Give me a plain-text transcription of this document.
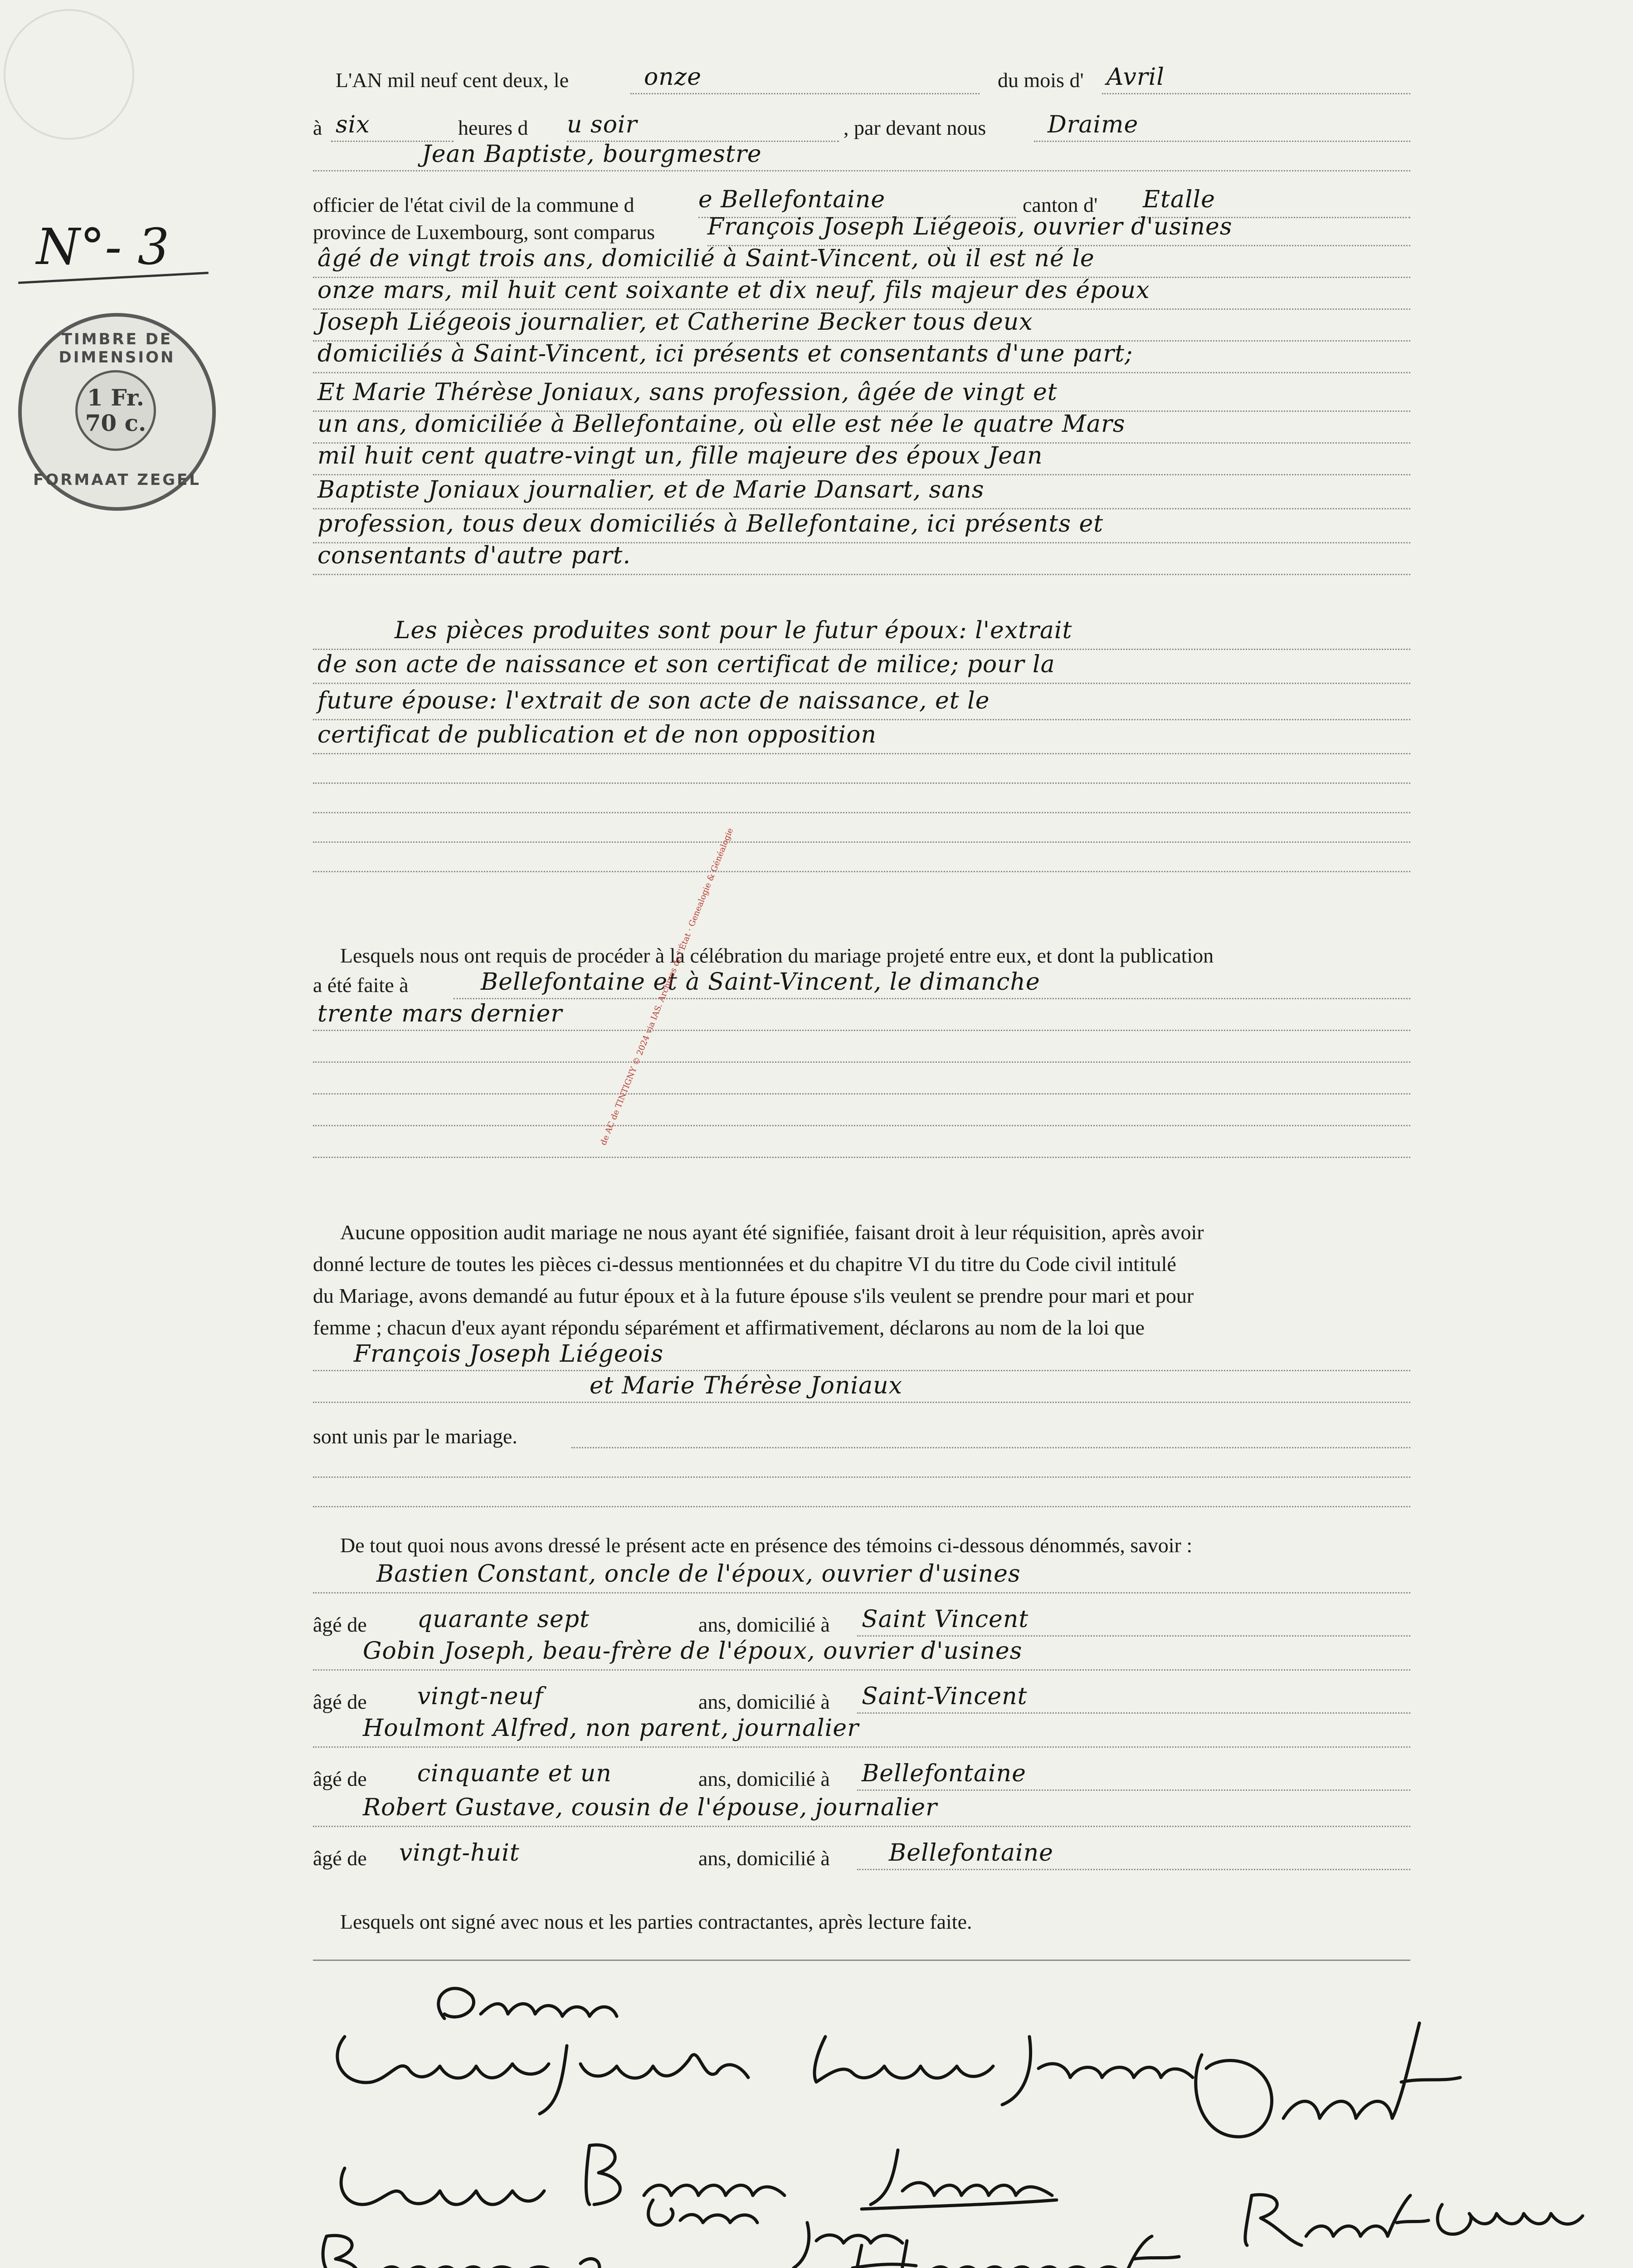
L'AN mil neuf cent deux, le	onze	du mois d' Avril
à six	heures d u soir	, par devant nous	Draime
Jean Baptiste, bourgmestre
officier de l'état civil de la commune d	e Bellefontaine	canton d' Etalle
province de Luxembourg, sont comparus
N°- 3
TIMBRE DE DIMENSION
1 Fr.
70 c.
FORMAAT ZEGEL
François Joseph Liégeois, ouvrier d'usines
âgé de vingt trois ans, domicilié à Saint-Vincent, où il est né le
onze mars, mil huit cent soixante et dix neuf, fils majeur des époux
Joseph Liégeois journalier, et Catherine Becker tous deux
domiciliés à Saint-Vincent, ici présents et consentants d'une part;
Et Marie Thérèse Joniaux, sans profession, âgée de vingt et
un ans, domiciliée à Bellefontaine, où elle est née le quatre Mars
mil huit cent quatre-vingt un, fille majeure des époux Jean
Baptiste Joniaux journalier, et de Marie Dansart, sans
profession, tous deux domiciliés à Bellefontaine, ici présents et
consentants d'autre part.
Les pièces produites sont pour le futur époux: l'extrait
de son acte de naissance et son certificat de milice; pour la
future épouse: l'extrait de son acte de naissance, et le
certificat de publication et de non opposition
Lesquels nous ont requis de procéder à la célébration du mariage projeté entre eux, et dont la publication
a été faite à	Bellefontaine et à Saint-Vincent, le dimanche
trente mars dernier	de AC de TINTIGNY © 2024 via IAS. Archives de l'État · Genealogie & Généalogie
Aucune opposition audit mariage ne nous ayant été signifiée, faisant droit à leur réquisition, après avoir
donné lecture de toutes les pièces ci-dessus mentionnées et du chapitre VI du titre du Code civil intitulé
du Mariage, avons demandé au futur époux et à la future épouse s'ils veulent se prendre pour mari et pour
femme ; chacun d'eux ayant répondu séparément et affirmativement, déclarons au nom de la loi que
François Joseph Liégeois
et Marie Thérèse Joniaux
sont unis par le mariage.
De tout quoi nous avons dressé le présent acte en présence des témoins ci-dessous dénommés, savoir :
Bastien Constant, oncle de l'époux, ouvrier d'usines
âgé de quarante sept	ans, domicilié à Saint Vincent
Gobin Joseph, beau-frère de l'époux, ouvrier d'usines
âgé de vingt-neuf	ans, domicilié à Saint-Vincent
Houlmont Alfred, non parent, journalier
âgé de cinquante et un	ans, domicilié à Bellefontaine
Robert Gustave, cousin de l'épouse, journalier
âgé de vingt-huit	ans, domicilié à	Bellefontaine
Lesquels ont signé avec nous et les parties contractantes, après lecture faite.
